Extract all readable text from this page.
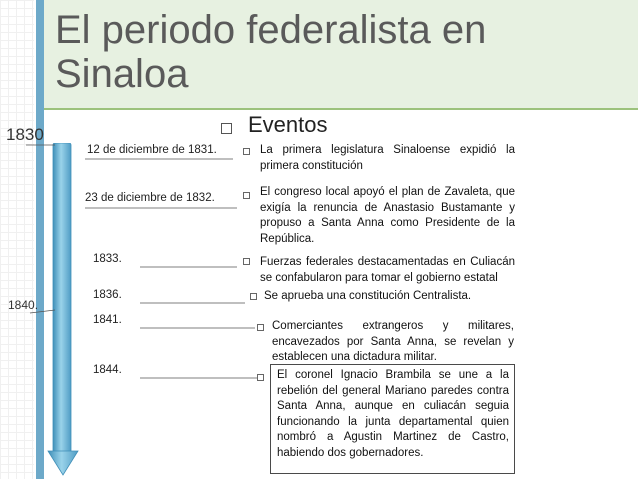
El periodo federalista en Sinaloa
1830
1840.
Eventos
12 de diciembre de 1831.	La primera legislatura Sinaloense expidió la primera constitución
23 de diciembre de 1832.	El congreso local apoyó el plan de Zavaleta, que exigía la renuncia de Anastasio Bustamante y propuso a Santa Anna como Presidente de la República.
1833.	Fuerzas federales destacamentadas en Culiacán se confabularon para tomar el gobierno estatal
1836.	Se aprueba una constitución Centralista.
1841.	Comerciantes extrangeros y militares, encavezados por Santa Anna, se revelan y establecen una dictadura militar.
1844.	El coronel Ignacio Brambila se une a la rebelión del general Mariano paredes contra Santa Anna, aunque en culiacán seguia funcionando la junta departamental quien nombró a Agustin Martinez de Castro, habiendo dos gobernadores.
